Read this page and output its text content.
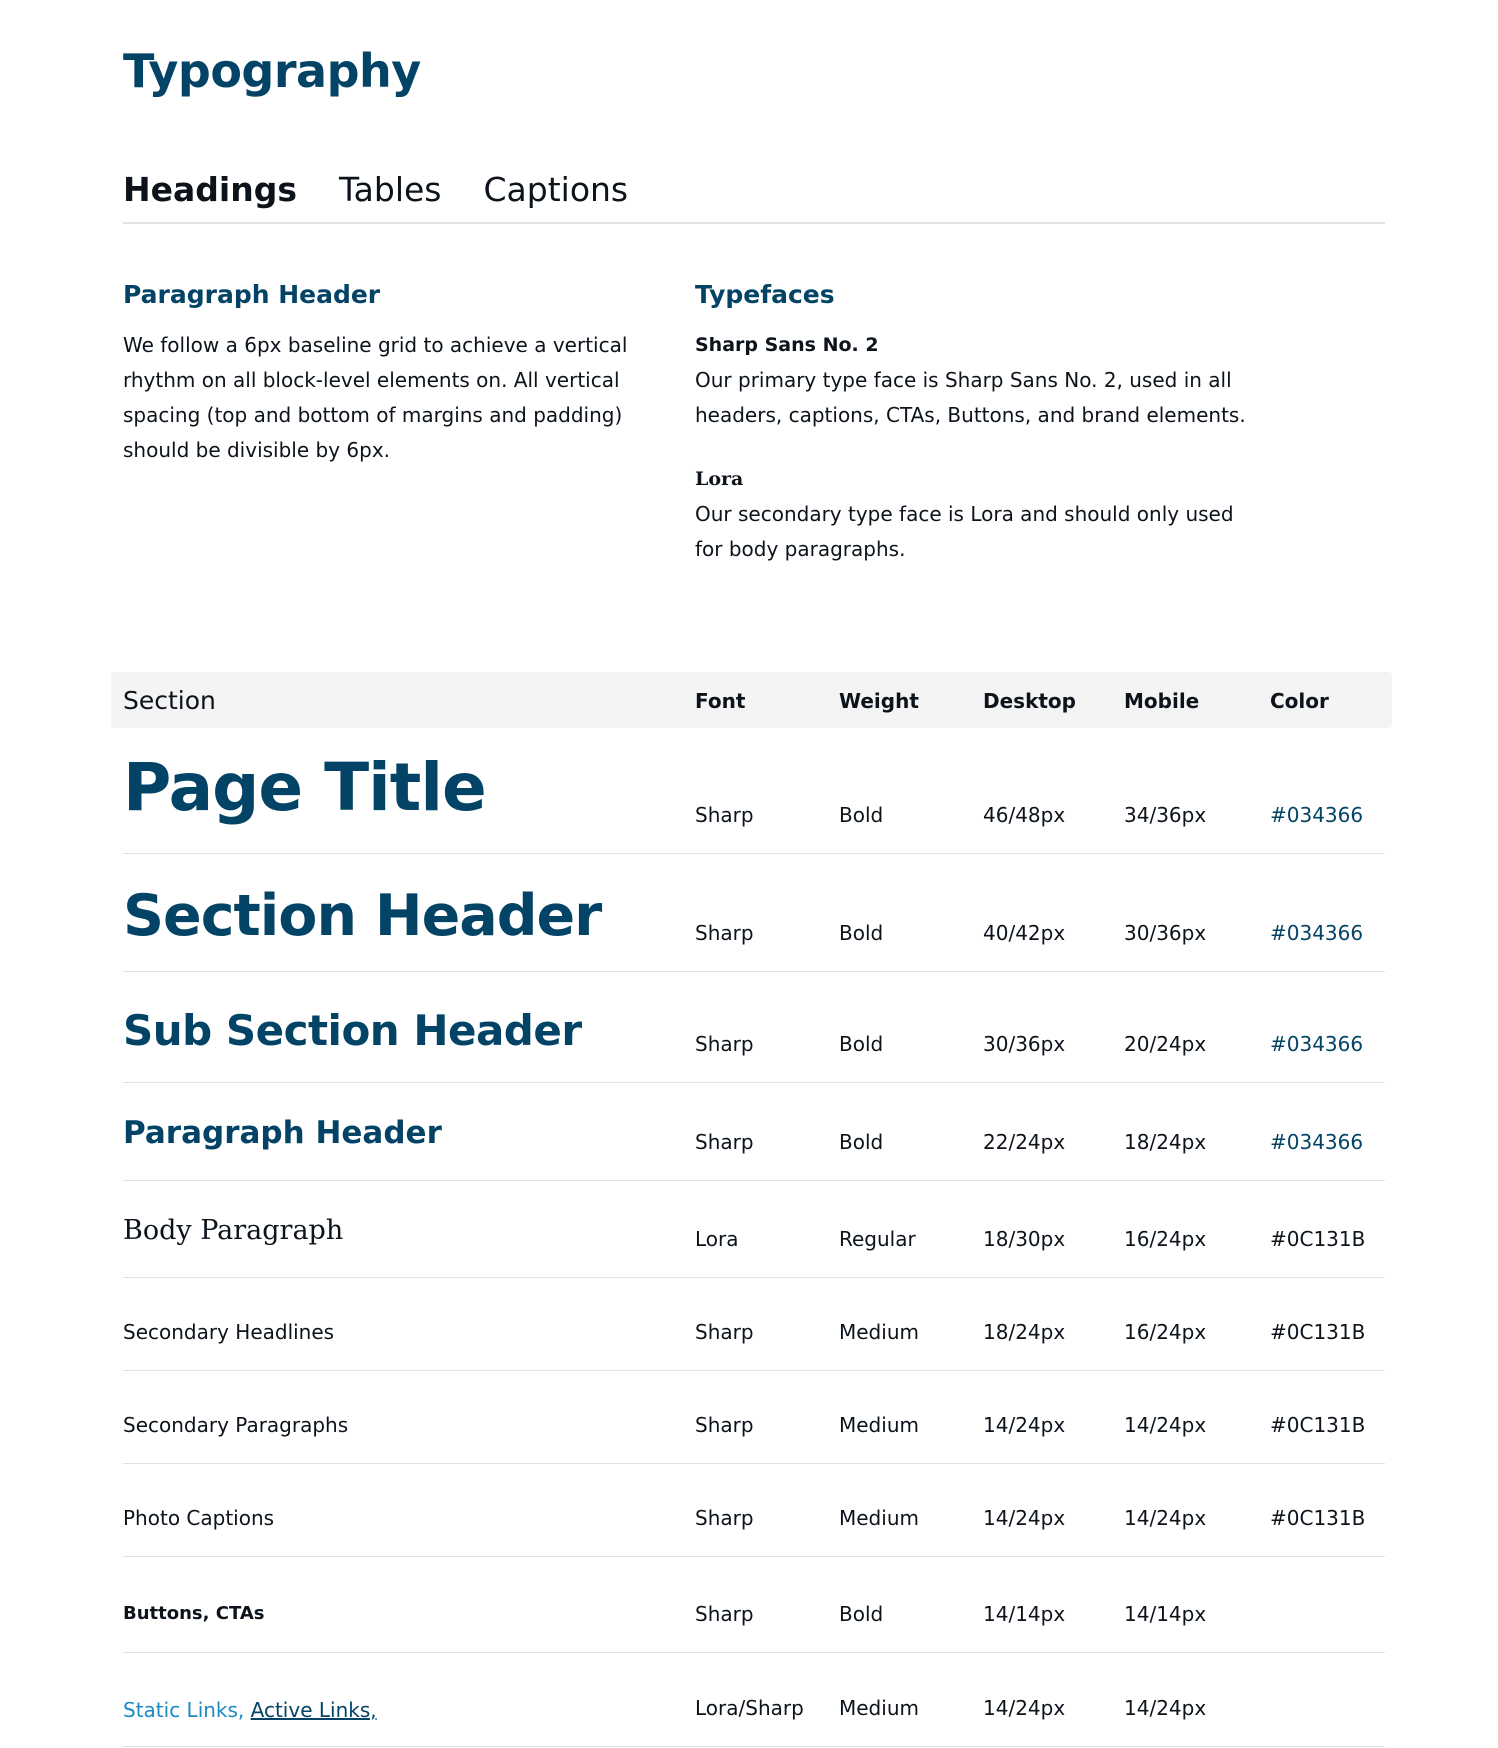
Typography
Headings Tables Captions
Paragraph Header

We follow a 6px baseline grid to achieve a vertical rhythm on all block-level elements on. All vertical spacing (top and bottom of margins and padding) should be divisible by 6px.

Typefaces

Sharp Sans No. 2

Our primary type face is Sharp Sans No. 2, used in all headers, captions, CTAs, Buttons, and brand elements.

Lora

Our secondary type face is Lora and should only used for body paragraphs.

Section	Font	Weight	Desktop Mobile	Color
Page Title	Sharp	Bold	46/48px	34/36px	#034366
Section Header	Sharp	Bold	40/42px	30/36px	#034366
Sub Section Header	Sharp	Bold	30/36px	20/24px	#034366
Paragraph Header	Sharp	Bold	22/24px	18/24px	#034366
Body Paragraph	Lora	Regular	18/30px	16/24px	#0C131B
Secondary Headlines	Sharp	Medium	18/24px	16/24px	#0C131B
Secondary Paragraphs	Sharp	Medium	14/24px	14/24px	#0C131B
Photo Captions	Sharp	Medium	14/24px	14/24px	#0C131B
Buttons, CTAs	Sharp	Bold	14/14px	14/14px
Static Links, Active Links,	Lora/Sharp Medium	14/24px	14/24px
